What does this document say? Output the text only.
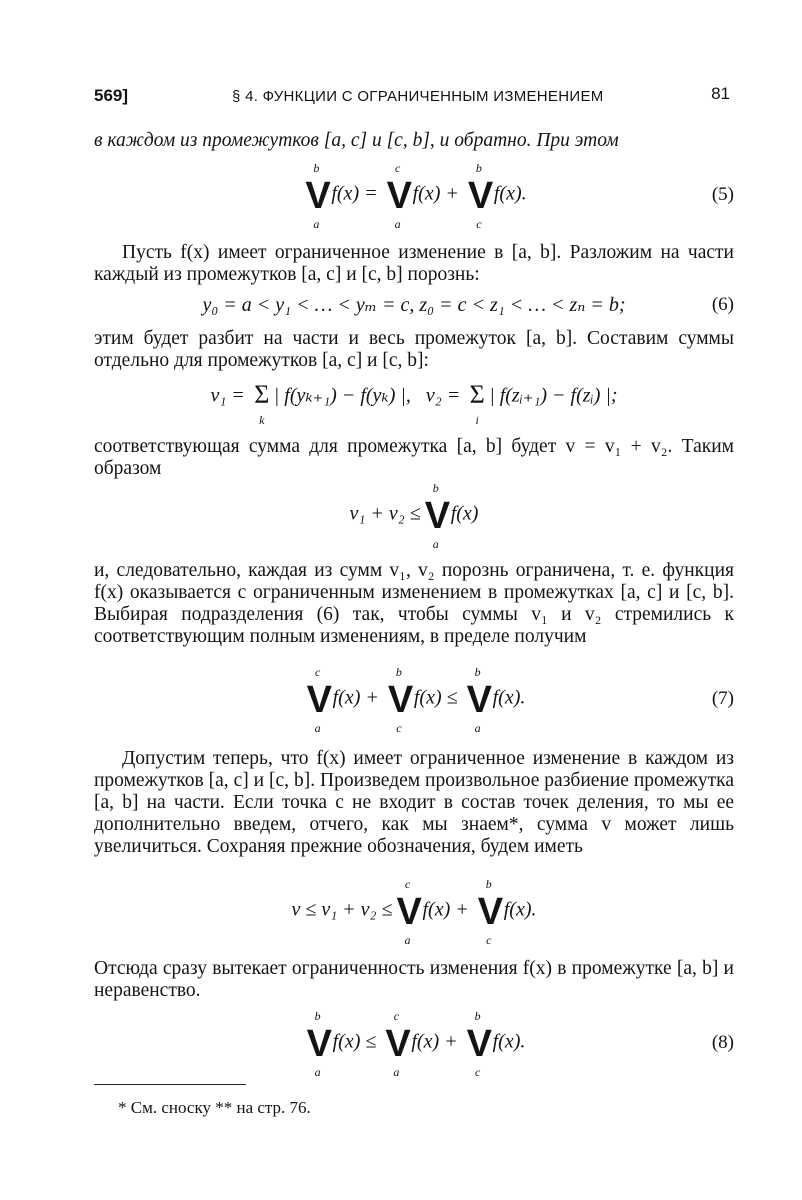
569]	§ 4. ФУНКЦИИ С ОГРАНИЧЕННЫМ ИЗМЕНЕНИЕМ	81

в каждом из промежутков [a, c] и [c, b], и обратно. При этом

b
V
a
f(x) =
c
V
a
f(x) +
b
V
c
f(x).	(5)

Пусть f(x) имеет ограниченное изменение в [a, b]. Разложим на части каждый из промежутков [a, c] и [c, b] порознь:

y₀ = a < y₁ < … < yₘ = c, z₀ = c < z₁ < … < zₙ = b;	(6)

этим будет разбит на части и весь промежуток [a, b]. Составим суммы отдельно для промежутков [a, c] и [c, b]:

v₁ = Σ
k
| f(yₖ₊₁) − f(yₖ) |, v₂ = Σ
i
| f(zᵢ₊₁) − f(zᵢ) |;

соответствующая сумма для промежутка [a, b] будет v = v₁ + v₂. Таким образом

v₁ + v₂ ≤
b
V
a
f(x)

и, следовательно, каждая из сумм v₁, v₂ порознь ограничена, т. е. функция f(x) оказывается с ограниченным изменением в промежутках [a, c] и [c, b]. Выбирая подразделения (6) так, чтобы суммы v₁ и v₂ стремились к соответствующим полным изменениям, в пределе получим

c
V
a
f(x) +
b
V
c
f(x) ≤
b
V
a
f(x).	(7)

Допустим теперь, что f(x) имеет ограниченное изменение в каждом из промежутков [a, c] и [c, b]. Произведем произвольное разбиение промежутка [a, b] на части. Если точка c не входит в состав точек деления, то мы ее дополнительно введем, отчего, как мы знаем*, сумма v может лишь увеличиться. Сохраняя прежние обозначения, будем иметь

v ≤ v₁ + v₂ ≤
c
V
a
f(x) +
b
V
c
f(x).

Отсюда сразу вытекает ограниченность изменения f(x) в промежутке [a, b] и неравенство.

b
V
a
f(x) ≤
c
V
a
f(x) +
b
V
c
f(x).	(8)
* См. сноску ** на стр. 76.
